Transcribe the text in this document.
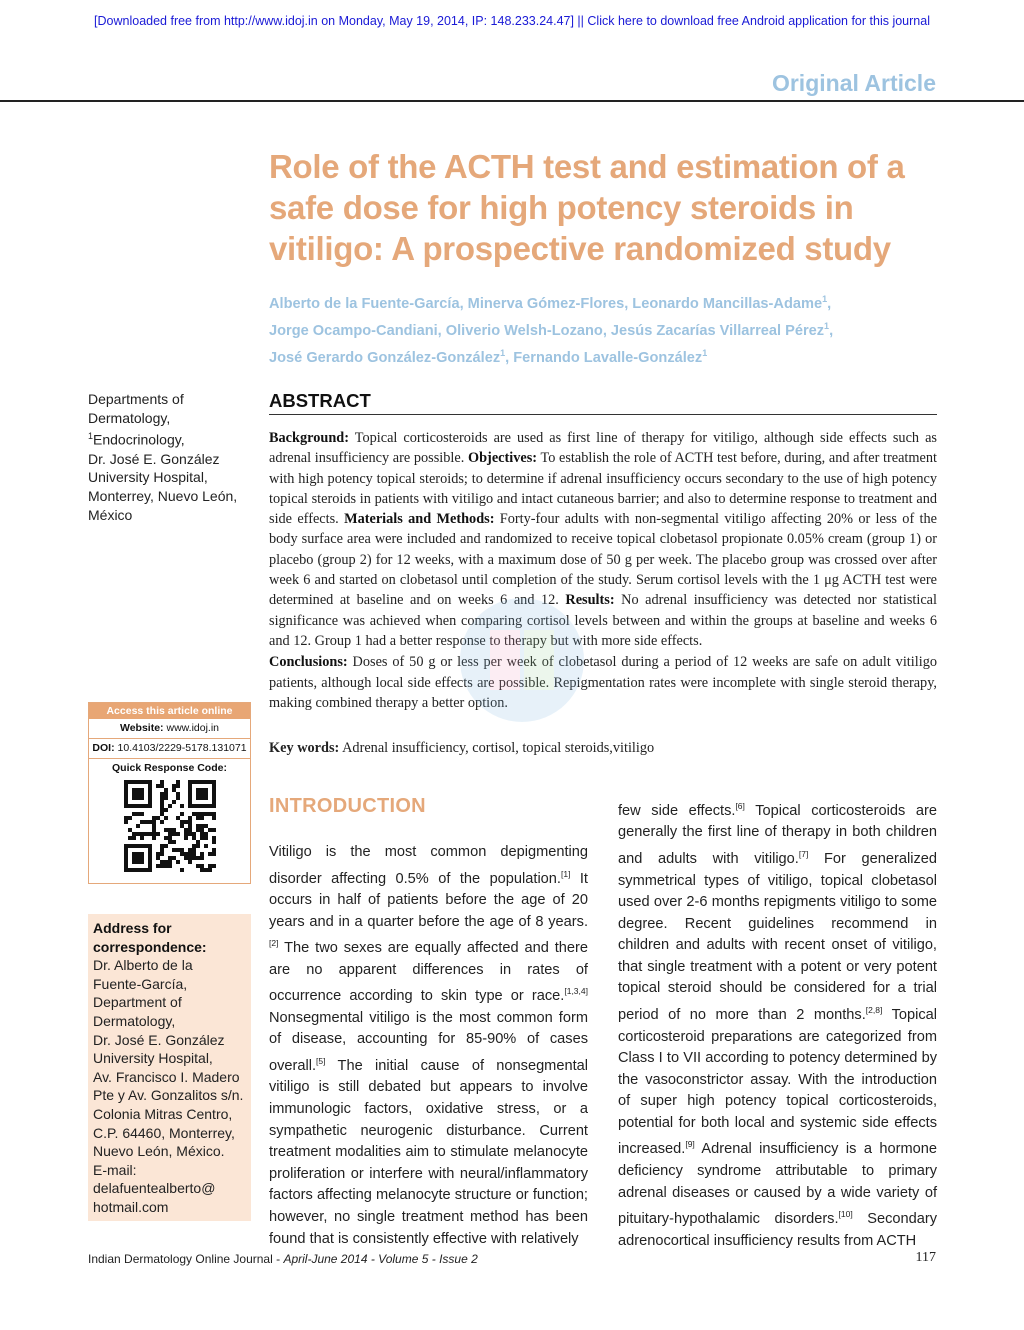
[Downloaded free from http://www.idoj.in on Monday, May 19, 2014, IP: 148.233.24.47] || Click here to download free Android application for this journal
Original Article
Role of the ACTH test and estimation of a safe dose for high potency steroids in vitiligo: A prospective randomized study

Alberto de la Fuente-García, Minerva Gómez-Flores, Leonardo Mancillas-Adame$^1$,
Jorge Ocampo-Candiani, Oliverio Welsh-Lozano, Jesús Zacarías Villarreal Pérez$^1$,
José Gerardo González-González$^1$, Fernando Lavalle-González$^1$

Departments of
Dermatology,
$^1$Endocrinology,
Dr. José E. González
University Hospital,
Monterrey, Nuevo León,
México
ABSTRACT

Background: Topical corticosteroids are used as first line of therapy for vitiligo, although side effects such as adrenal insufficiency are possible. Objectives: To establish the role of ACTH test before, during, and after treatment with high potency topical steroids; to determine if adrenal insufficiency occurs secondary to the use of high potency topical steroids in patients with vitiligo and intact cutaneous barrier; and also to determine response to treatment and side effects. Materials and Methods: Forty-four adults with non-segmental vitiligo affecting 20% or less of the body surface area were included and randomized to receive topical clobetasol propionate 0.05% cream (group 1) or placebo (group 2) for 12 weeks, with a maximum dose of 50 g per week. The placebo group was crossed over after week 6 and started on clobetasol until completion of the study. Serum cortisol levels with the 1 μg ACTH test were determined at baseline and on weeks 6 and 12. Results: No adrenal insufficiency was detected nor statistical significance was achieved when comparing cortisol levels between and within the groups at baseline and weeks 6 and 12. Group 1 had a better response to therapy but with more side effects.

Conclusions: Doses of 50 g or less per week of clobetasol during a period of 12 weeks are safe on adult vitiligo patients, although local side effects are possible. Repigmentation rates were incomplete with single steroid therapy, making combined therapy a better option.

Key words: Adrenal insufficiency, cortisol, topical steroids,vitiligo
Access this article online
Website: www.idoj.in
DOI: 10.4103/2229-5178.131071
Quick Response Code:
Address for
correspondence:
Dr. Alberto de la
Fuente-García,
Department of
Dermatology,
Dr. José E. González
University Hospital,
Av. Francisco I. Madero
Pte y Av. Gonzalitos s/n.
Colonia Mitras Centro,
C.P. 64460, Monterrey,
Nuevo León, México.
E-mail:
delafuentealberto@
hotmail.com
INTRODUCTION

Vitiligo is the most common depigmenting disorder affecting 0.5% of the population.[1] It occurs in half of patients before the age of 20 years and in a quarter before the age of 8 years.[2] The two sexes are equally affected and there are no apparent differences in rates of occurrence according to skin type or race.[1,3,4] Nonsegmental vitiligo is the most common form of disease, accounting for 85-90% of cases overall.[5] The initial cause of nonsegmental vitiligo is still debated but appears to involve immunologic factors, oxidative stress, or a sympathetic neurogenic disturbance. Current treatment modalities aim to stimulate melanocyte proliferation or interfere with neural/inflammatory factors affecting melanocyte structure or function; however, no single treatment method has been found that is consistently effective with relatively

few side effects.[6] Topical corticosteroids are generally the first line of therapy in both children and adults with vitiligo.[7] For generalized symmetrical types of vitiligo, topical clobetasol used over 2-6 months repigments vitiligo to some degree. Recent guidelines recommend in children and adults with recent onset of vitiligo, that single treatment with a potent or very potent topical steroid should be considered for a trial period of no more than 2 months.[2,8] Topical corticosteroid preparations are categorized from Class I to VII according to potency determined by the vasoconstrictor assay. With the introduction of super high potency topical corticosteroids, potential for both local and systemic side effects increased.[9] Adrenal insufficiency is a hormone deficiency syndrome attributable to primary adrenal diseases or caused by a wide variety of pituitary-hypothalamic disorders.[10] Secondary adrenocortical insufficiency results from ACTH

Indian Dermatology Online Journal - April-June 2014 - Volume 5 - Issue 2	117
